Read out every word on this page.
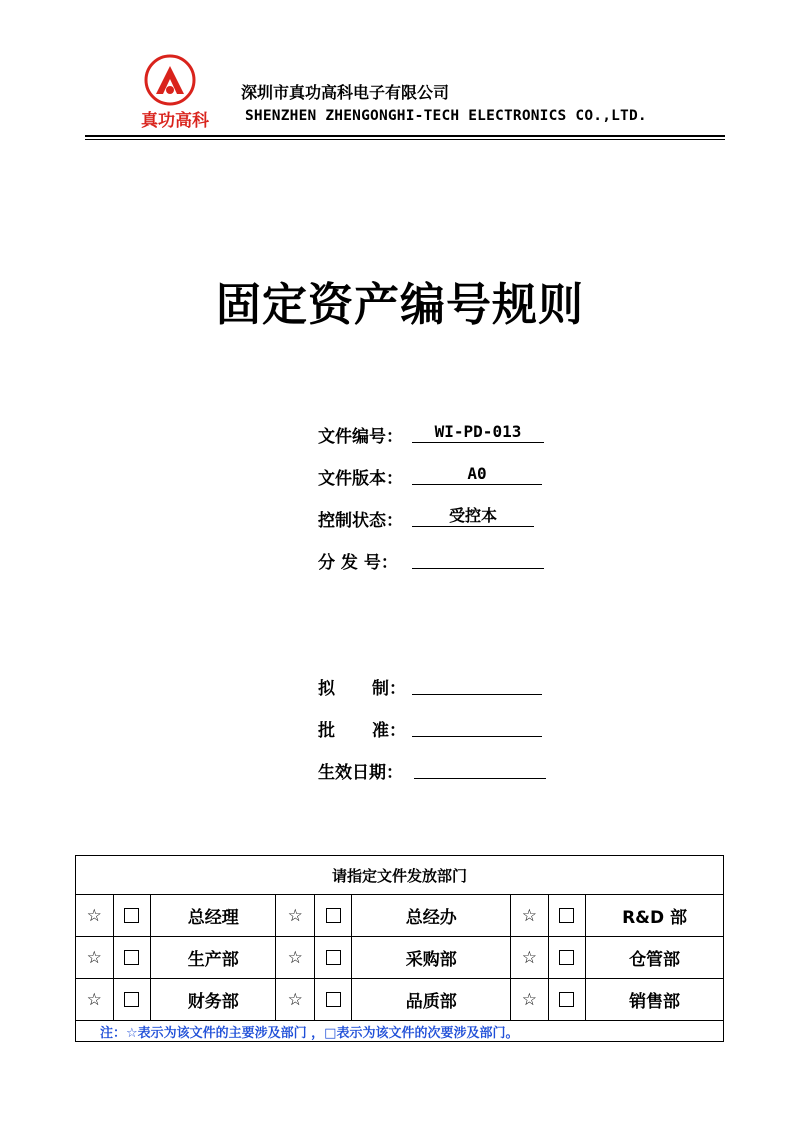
真功高科
深圳市真功高科电子有限公司
SHENZHEN ZHENGONGHI-TECH ELECTRONICS CO.,LTD.
固定资产编号规则
文件编号：	WI-PD-013
文件版本：	A0
控制状态：	受控本
分 发 号：
拟 制：
批 准：
生效日期：
请指定文件发放部门								
☆		总经理	☆		总经办	☆		R&D 部
☆		生产部	☆		采购部	☆		仓管部
☆		财务部	☆		品质部	☆		销售部
注：☆表示为该文件的主要涉及部门 ，□表示为该文件的次要涉及部门。								
